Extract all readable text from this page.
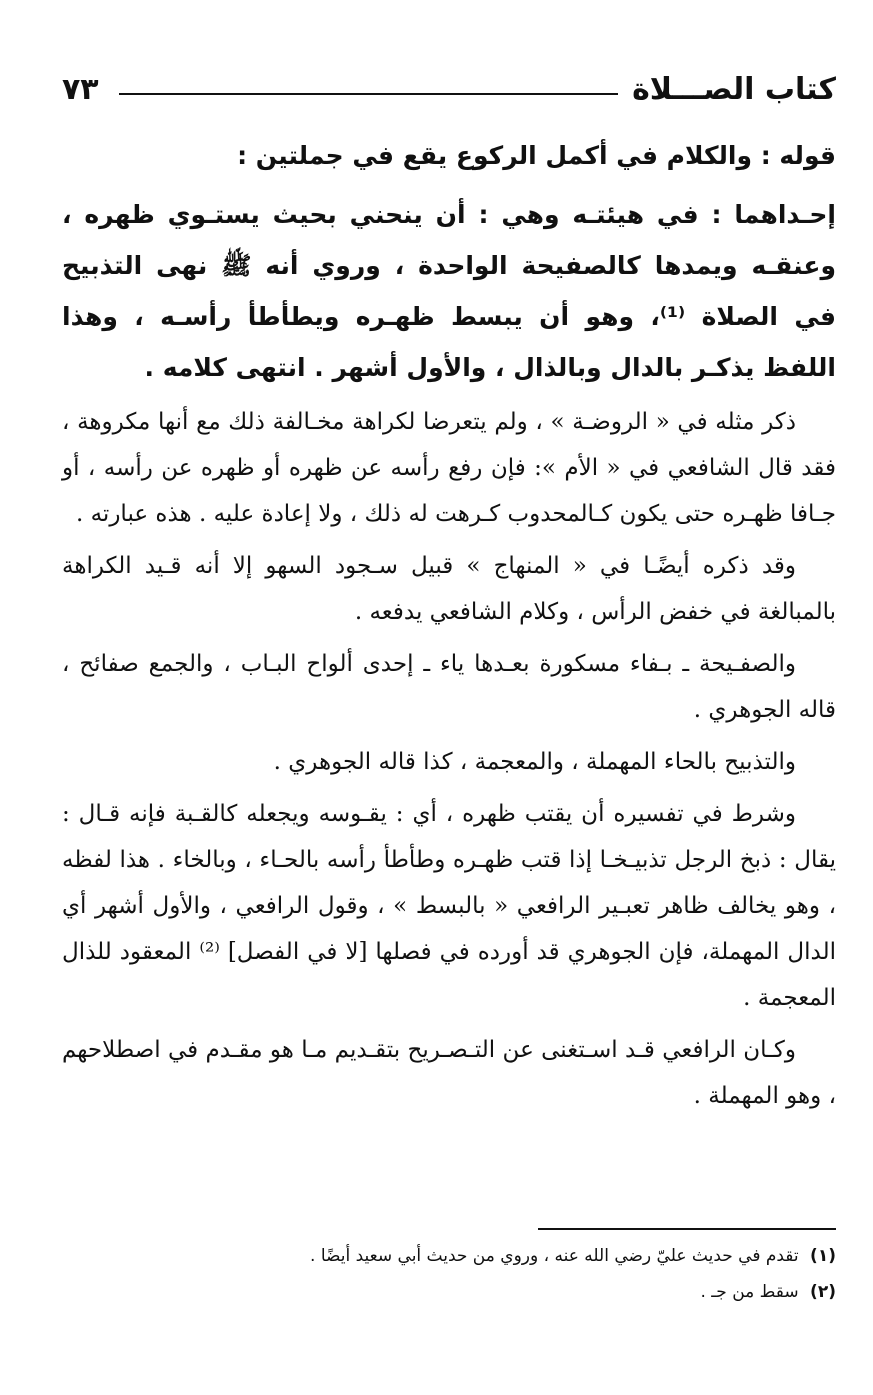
كتاب الصـــلاة
٧٣

قوله : والكلام في أكمل الركوع يقع في جملتين :

إحـداهما : في هيئتـه وهي : أن ينحني بحيث يستـوي ظهره ، وعنقـه ويمدها كالصفيحة الواحدة ، وروي أنه ﷺ نهى التذبيح في الصلاة ⁽¹⁾، وهو أن يبسط ظهـره ويطأطأ رأسـه ، وهذا اللفظ يذكـر بالدال وبالذال ، والأول أشهر . انتهى كلامه .

ذكر مثله في « الروضـة » ، ولم يتعرضا لكراهة مخـالفة ذلك مع أنها مكروهة ، فقد قال الشافعي في « الأم »: فإن رفع رأسه عن ظهره أو ظهره عن رأسه ، أو جـافا ظهـره حتى يكون كـالمحدوب كـرهت له ذلك ، ولا إعادة عليه . هذه عبارته .

وقد ذكره أيضًـا في « المنهاج » قبيل سـجود السهو إلا أنه قـيد الكراهة بالمبالغة في خفض الرأس ، وكلام الشافعي يدفعه .

والصفـيحة ـ بـفاء مسكورة بعـدها ياء ـ إحدى ألواح البـاب ، والجمع صفائح ، قاله الجوهري .

والتذبيح بالحاء المهملة ، والمعجمة ، كذا قاله الجوهري .

وشرط في تفسيره أن يقتب ظهره ، أي : يقـوسه ويجعله كالقـبة فإنه قـال : يقال : ذبخ الرجل تذبيـخـا إذا قتب ظهـره وطأطأ رأسه بالحـاء ، وبالخاء . هذا لفظه ، وهو يخالف ظاهر تعبـير الرافعي « بالبسط » ، وقول الرافعي ، والأول أشهر أي الدال المهملة، فإن الجوهري قد أورده في فصلها [لا في الفصل] ⁽²⁾ المعقود للذال المعجمة .

وكـان الرافعي قـد اسـتغنى عن التـصـريح بتقـديم مـا هو مقـدم في اصطلاحهم ، وهو المهملة .

(١) تقدم في حديث عليّ رضي الله عنه ، وروي من حديث أبي سعيد أيضًا .
(٢) سقط من جـ .
